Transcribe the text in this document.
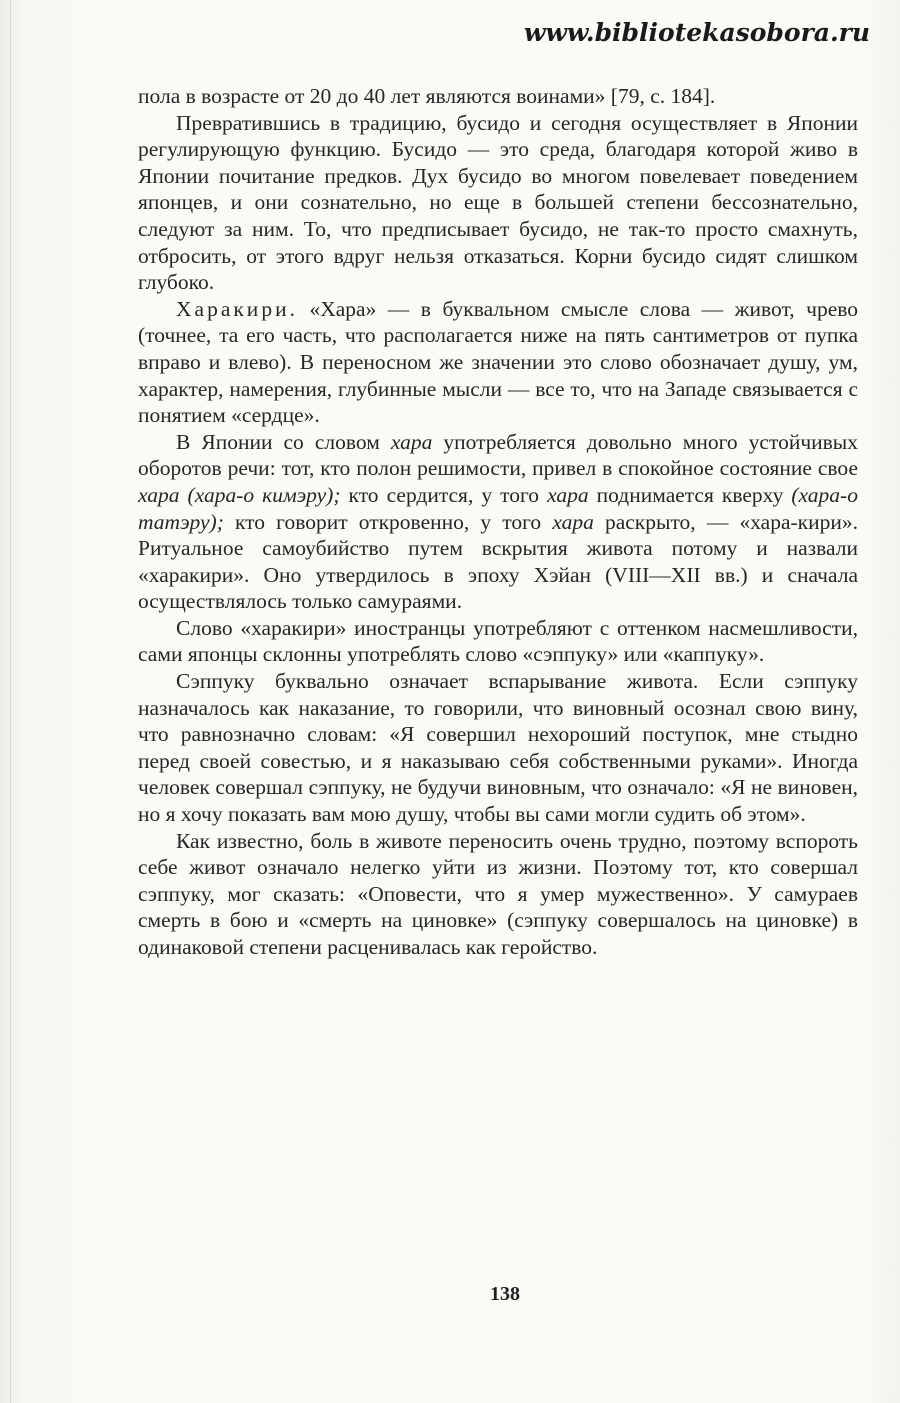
www.bibliotekasobora.ru

пола в возрасте от 20 до 40 лет являются воинами» [79, с. 184].

Превратившись в традицию, бусидо и сегодня осуществляет в Японии регулирующую функцию. Бусидо — это среда, благодаря которой живо в Японии почитание предков. Дух бусидо во многом повелевает поведением японцев, и они сознательно, но еще в большей степени бессознательно, следуют за ним. То, что предписывает бусидо, не так-то просто смахнуть, отбросить, от этого вдруг нельзя отказаться. Корни бусидо сидят слишком глубоко.

Харакири. «Хара» — в буквальном смысле слова — живот, чрево (точнее, та его часть, что располагается ниже на пять сантиметров от пупка вправо и влево). В переносном же значении это слово обозначает душу, ум, характер, намерения, глубинные мысли — все то, что на Западе связывается с понятием «сердце».

В Японии со словом хара употребляется довольно много устойчивых оборотов речи: тот, кто полон решимости, привел в спокойное состояние свое хара (хара-о кимэру); кто сердится, у того хара поднимается кверху (хара-о татэру); кто говорит откровенно, у того хара раскрыто, — «хара-кири». Ритуальное самоубийство путем вскрытия живота потому и назвали «харакири». Оно утвердилось в эпоху Хэйан (VIII—XII вв.) и сначала осуществлялось только самураями.

Слово «харакири» иностранцы употребляют с оттенком насмешливости, сами японцы склонны употреблять слово «сэппуку» или «каппуку».

Сэппуку буквально означает вспарывание живота. Если сэппуку назначалось как наказание, то говорили, что виновный осознал свою вину, что равнозначно словам: «Я совершил нехороший поступок, мне стыдно перед своей совестью, и я наказываю себя собственными руками». Иногда человек совершал сэппуку, не будучи виновным, что означало: «Я не виновен, но я хочу показать вам мою душу, чтобы вы сами могли судить об этом».

Как известно, боль в животе переносить очень трудно, поэтому вспороть себе живот означало нелегко уйти из жизни. Поэтому тот, кто совершал сэппуку, мог сказать: «Оповести, что я умер мужественно». У самураев смерть в бою и «смерть на циновке» (сэппуку совершалось на циновке) в одинаковой степени расценивалась как геройство.

138
